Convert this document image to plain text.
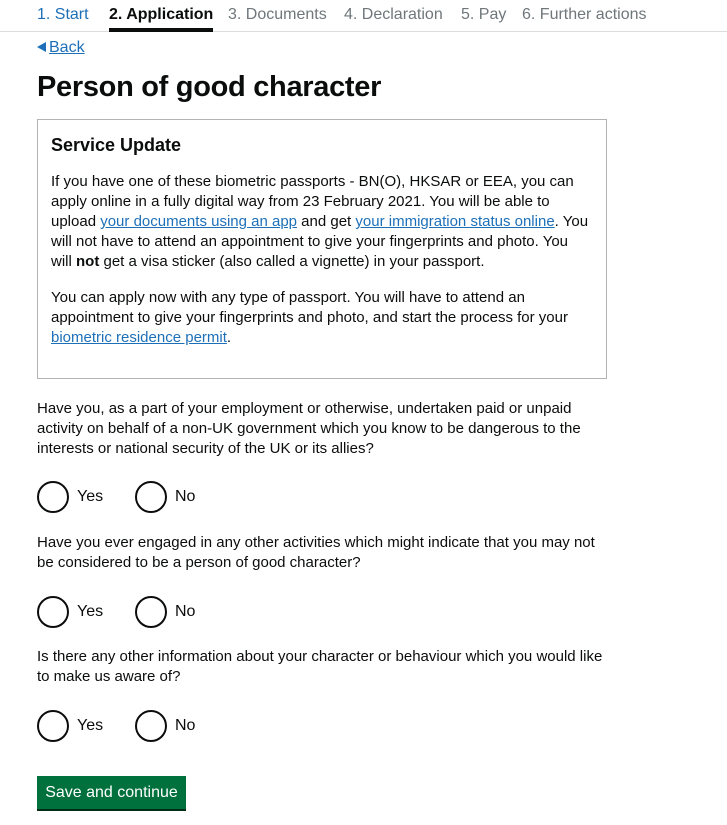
1. Start 2. Application 3. Documents 4. Declaration 5. Pay 6. Further actions
Back
Person of good character
Service Update

If you have one of these biometric passports - BN(O), HKSAR or EEA, you can apply online in a fully digital way from 23 February 2021. You will be able to upload your documents using an app and get your immigration status online. You will not have to attend an appointment to give your fingerprints and photo. You will not get a visa sticker (also called a vignette) in your passport.

You can apply now with any type of passport. You will have to attend an appointment to give your fingerprints and photo, and start the process for your biometric residence permit.

Have you, as a part of your employment or otherwise, undertaken paid or unpaid activity on behalf of a non-UK government which you know to be dangerous to the interests or national security of the UK or its allies?

Yes	No

Have you ever engaged in any other activities which might indicate that you may not be considered to be a person of good character?

Yes	No

Is there any other information about your character or behaviour which you would like to make us aware of?

Yes	No
Save and continue
